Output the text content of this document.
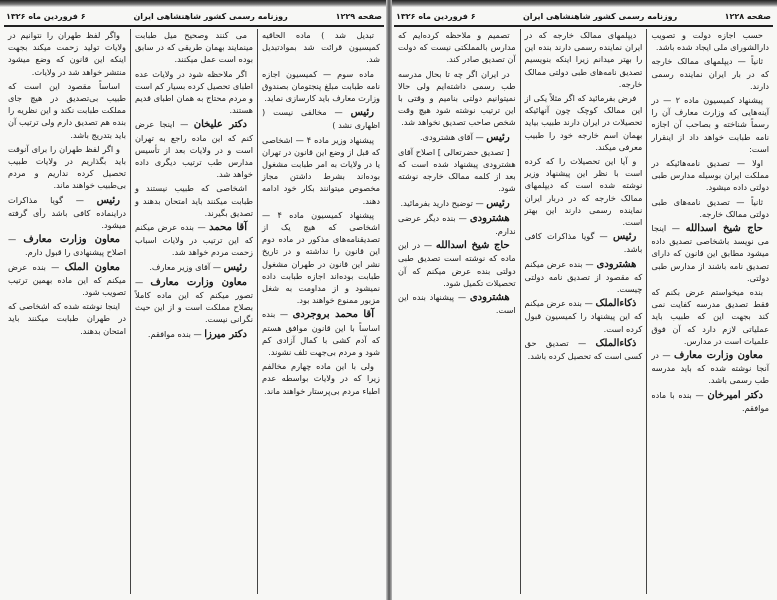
صفحه ۱۲۲۹
روزنامه رسمی کشور شاهنشاهی ایران
۶ فروردین ماه ۱۳۲۶

تبدیل شد ) ماده الحاقیه کمیسیون قرائت شد بموادتبدیل شد.

ماده سوم — کمیسیون اجازه نامه طبابت مبلغ پنجتومان بصندوق وزارت معارف باید کارسازی نماید.

رئیس — مخالفی نیست ( اظهاری نشد )

پیشنهاد وزیر ماده ۴ — اشخاصی که قبل از وضع این قانون در تهران یا در ولایات به امر طبابت مشغول بوده‌اند بشرط داشتن مجاز مخصوص میتوانند بکار خود ادامه دهند.

پیشنهاد کمیسیون ماده ۴ — اشخاصی که هیچ یک از تصدیقنامه‌های مذکور در ماده دوم این قانون را نداشته و در تاریخ نشر این قانون در طهران مشغول طبابت بوده‌اند اجازه طبابت داده نمیشود و از مداومت به شغل مزبور ممنوع خواهند بود.

آقا محمد بروجردی — بنده اساساً با این قانون موافق هستم که آدم کشی با کمال آزادی کم شود و مردم بی‌جهت تلف نشوند.

ولی با این ماده چهارم مخالفم زیرا که در ولایات بواسطه عدم اطباء مردم بی‌پرستار خواهند ماند.

می کنند وصحیح میل طبابت مینمایند بهمان طریقی که در سابق بوده است عمل میکنند.

اگر ملاحظه شود در ولایات عده اطبای تحصیل کرده بسیار کم است و مردم محتاج به همان اطبای قدیم هستند.

دکتر علیخان — اینجا عرض کنم که این ماده راجع به تهران است و در ولایات بعد از تأسیس مدارس طب ترتیب دیگری داده خواهد شد.

اشخاصی که طبیب نیستند و طبابت میکنند باید امتحان بدهند و تصدیق بگیرند.

آقا محمد — بنده عرض میکنم که این ترتیب در ولایات اسباب زحمت مردم خواهد شد.

رئیس — آقای وزیر معارف.

معاون وزارت معارف — تصور میکنم که این ماده کاملاً بصلاح مملکت است و از این حیث نگرانی نیست.

دکتر میرزا — بنده موافقم.

واگر لفظ طهران را نتوانیم در ولایات تولید زحمت میکند بجهت اینکه این قانون که وضع میشود منتشر خواهد شد در ولایات.

اساساً مقصود این است که طبیب بی‌تصدیق در هیچ جای مملکت طبابت نکند و این نظریه را بنده هم تصدیق دارم ولی ترتیب آن باید بتدریج باشد.

و اگر لفظ طهران را برای آنوقت باید بگذاریم در ولایات طبیب تحصیل کرده نداریم و مردم بی‌طبیب خواهند ماند.

رئیس — گویا مذاکرات دراینماده کافی باشد رأی گرفته میشود.

معاون وزارت معارف — اصلاح پیشنهادی را قبول دارم.

معاون الملک — بنده عرض میکنم که این ماده بهمین ترتیب تصویب شود.

اینجا نوشته شده که اشخاصی که در طهران طبابت میکنند باید امتحان بدهند.

صفحه ۱۲۲۸
روزنامه رسمی کشور شاهنشاهی ایران
۶ فروردین ماه ۱۳۲۶

حسب اجازه دولت و تصویب دارالشورای ملی ایجاد شده باشد.

ثانیاً — دیپلمهای ممالک خارجه که در بار ایران نماینده رسمی دارند.

پیشنهاد کمیسیون ماده ۲ — در آینه‌هایی که وزارت معارف آن را رسماً شناخته و بصاحب آن اجازه نامه طبابت خواهد داد از اینقرار است:

اولا — تصدیق نامه‌هائیکه در مملکت ایران بوسیله مدارس طبی دولتی داده میشود.

ثانیاً — تصدیق نامه‌های طبی دولتی ممالک خارجه.

حاج شیخ اسدالله — اینجا می نویسد باشخاصی تصدیق داده میشود مطابق این قانون که دارای تصدیق نامه باشند از مدارس طبی دولتی.

بنده میخواستم عرض بکنم که فقط تصدیق مدرسه کفایت نمی کند بجهت این که طبیب باید عملیاتی لازم دارد که آن فوق علمیات است در مدارس.

معاون وزارت معارف — در آنجا نوشته شده که باید مدرسه طب رسمی باشد.

دکتر امیرخان — بنده با ماده موافقم.

دیپلمهای ممالک خارجه که در ایران نماینده رسمی دارند بنده این را بهتر میدانم زیرا اینکه بنویسیم تصدیق نامه‌های طبی دولتی ممالک خارجه.

فرض بفرمائید که اگر مثلاً یکی از این ممالک کوچک چون آنهائیکه تحصیلات در ایران دارند طبیب بیاید بهمان اسم خارجه خود را طبیب معرفی میکند.

و آیا این تحصیلات را که کرده است با نظر این پیشنهاد وزیر نوشته شده است که دیپلمهای ممالک خارجه که در دربار ایران نماینده رسمی دارند این بهتر است.

رئیس — گویا مذاکرات کافی باشد.

هشترودی — بنده عرض میکنم که مقصود از تصدیق نامه دولتی چیست.

ذکاءالملک — بنده عرض میکنم که این پیشنهاد را کمیسیون قبول کرده است.

ذکاءالملک — تصدیق حق کسی است که تحصیل کرده باشد.

تصمیم و ملاحظه کرده‌ایم که مدارس بالمملکتی نیست که دولت آن تصدیق صادر کند.

در ایران اگر چه تا بحال مدرسه طب رسمی داشته‌ایم ولی حالا نمیتوانیم دولتی بنامیم و وقتی با این ترتیب نوشته شود هیچ وقت شخص صاحب تصدیق نخواهد شد.

رئیس — آقای هشترودی.

[ تصدیق حضرتعالی ] اصلاح آقای هشترودی پیشنهاد شده است که بعد از کلمه ممالک خارجه نوشته شود.

رئیس — توضیح دارید بفرمائید.

هشترودی — بنده دیگر عرضی ندارم.

حاج شیخ اسدالله — در این ماده که نوشته است تصدیق طبی دولتی بنده عرض میکنم که آن تحصیلات تکمیل شود.

هشترودی — پیشنهاد بنده این است.
